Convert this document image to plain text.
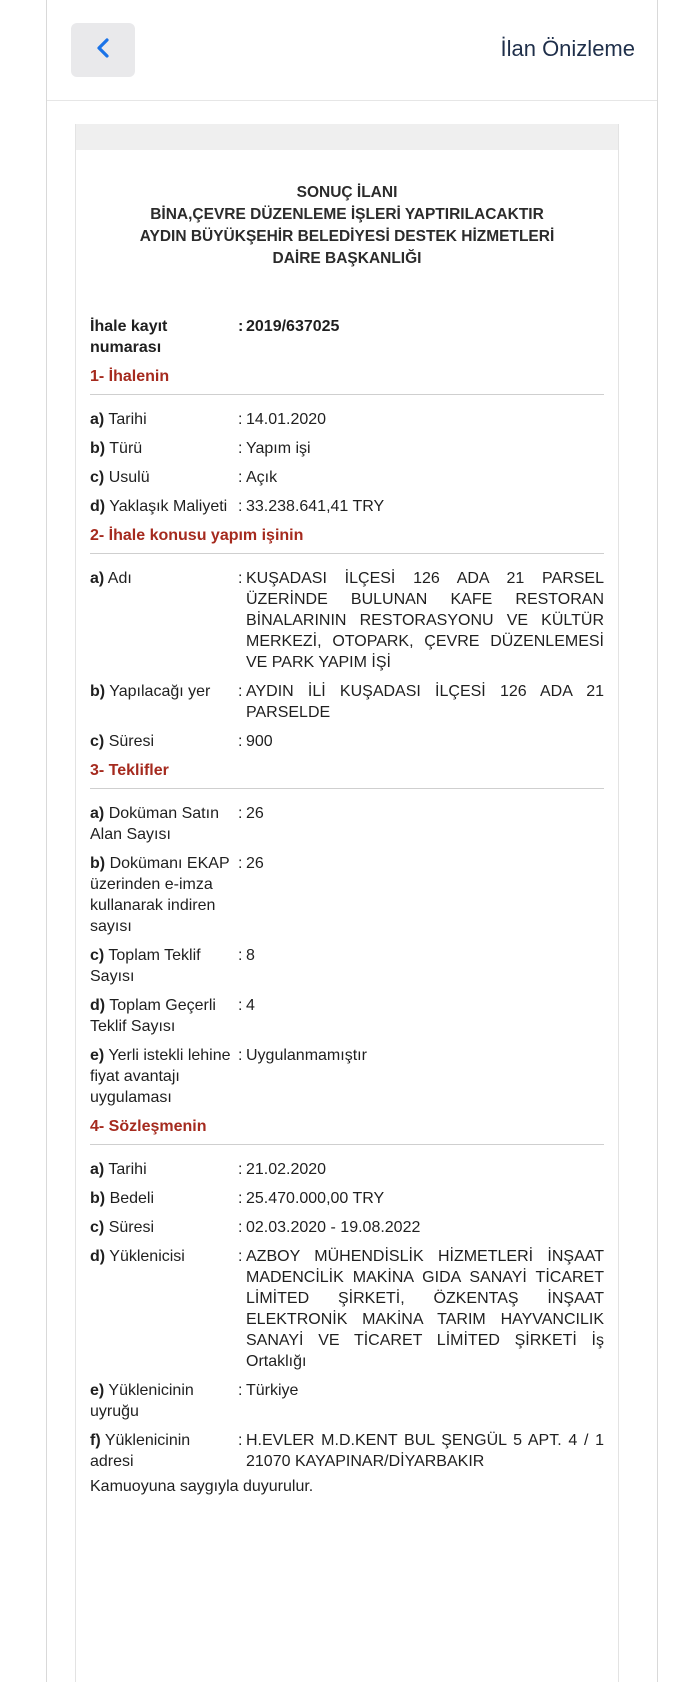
İlan Önizleme
SONUÇ İLANI
BİNA,ÇEVRE DÜZENLEME İŞLERİ YAPTIRILACAKTIR
AYDIN BÜYÜKŞEHİR BELEDİYESİ DESTEK HİZMETLERİ
DAİRE BAŞKANLIĞI
İhale kayıt numarası
: 2019/637025
1- İhalenin
a) Tarihi	: 14.01.2020
b) Türü	: Yapım işi
c) Usulü	: Açık
d) Yaklaşık Maliyeti : 33.238.641,41 TRY
2- İhale konusu yapım işinin
a) Adı	: KUŞADASI İLÇESİ 126 ADA 21 PARSEL ÜZERİNDE BULUNAN KAFE RESTORAN BİNALARININ RESTORASYONU VE KÜLTÜR MERKEZİ, OTOPARK, ÇEVRE DÜZENLEMESİ VE PARK YAPIM İŞİ
b) Yapılacağı yer	: AYDIN İLİ KUŞADASI İLÇESİ 126 ADA 21 PARSELDE
c) Süresi	: 900
3- Teklifler
a) Doküman Satın Alan Sayısı
: 26
b) Dokümanı EKAP üzerinden e-imza kullanarak indiren sayısı
: 26
c) Toplam Teklif Sayısı
: 8
d) Toplam Geçerli Teklif Sayısı
: 4
e) Yerli istekli lehine fiyat avantajı uygulaması
: Uygulanmamıştır
4- Sözleşmenin
a) Tarihi	: 21.02.2020
b) Bedeli	: 25.470.000,00 TRY
c) Süresi	: 02.03.2020 - 19.08.2022
d) Yüklenicisi	: AZBOY MÜHENDİSLİK HİZMETLERİ İNŞAAT MADENCİLİK MAKİNA GIDA SANAYİ TİCARET LİMİTED ŞİRKETİ, ÖZKENTAŞ İNŞAAT ELEKTRONİK MAKİNA TARIM HAYVANCILIK SANAYİ VE TİCARET LİMİTED ŞİRKETİ İş Ortaklığı
e) Yüklenicinin uyruğu
: Türkiye
f) Yüklenicinin adresi
: H.EVLER M.D.KENT BUL ŞENGÜL 5 APT. 4 / 1 21070 KAYAPINAR/DİYARBAKIR
Kamuoyuna saygıyla duyurulur.
